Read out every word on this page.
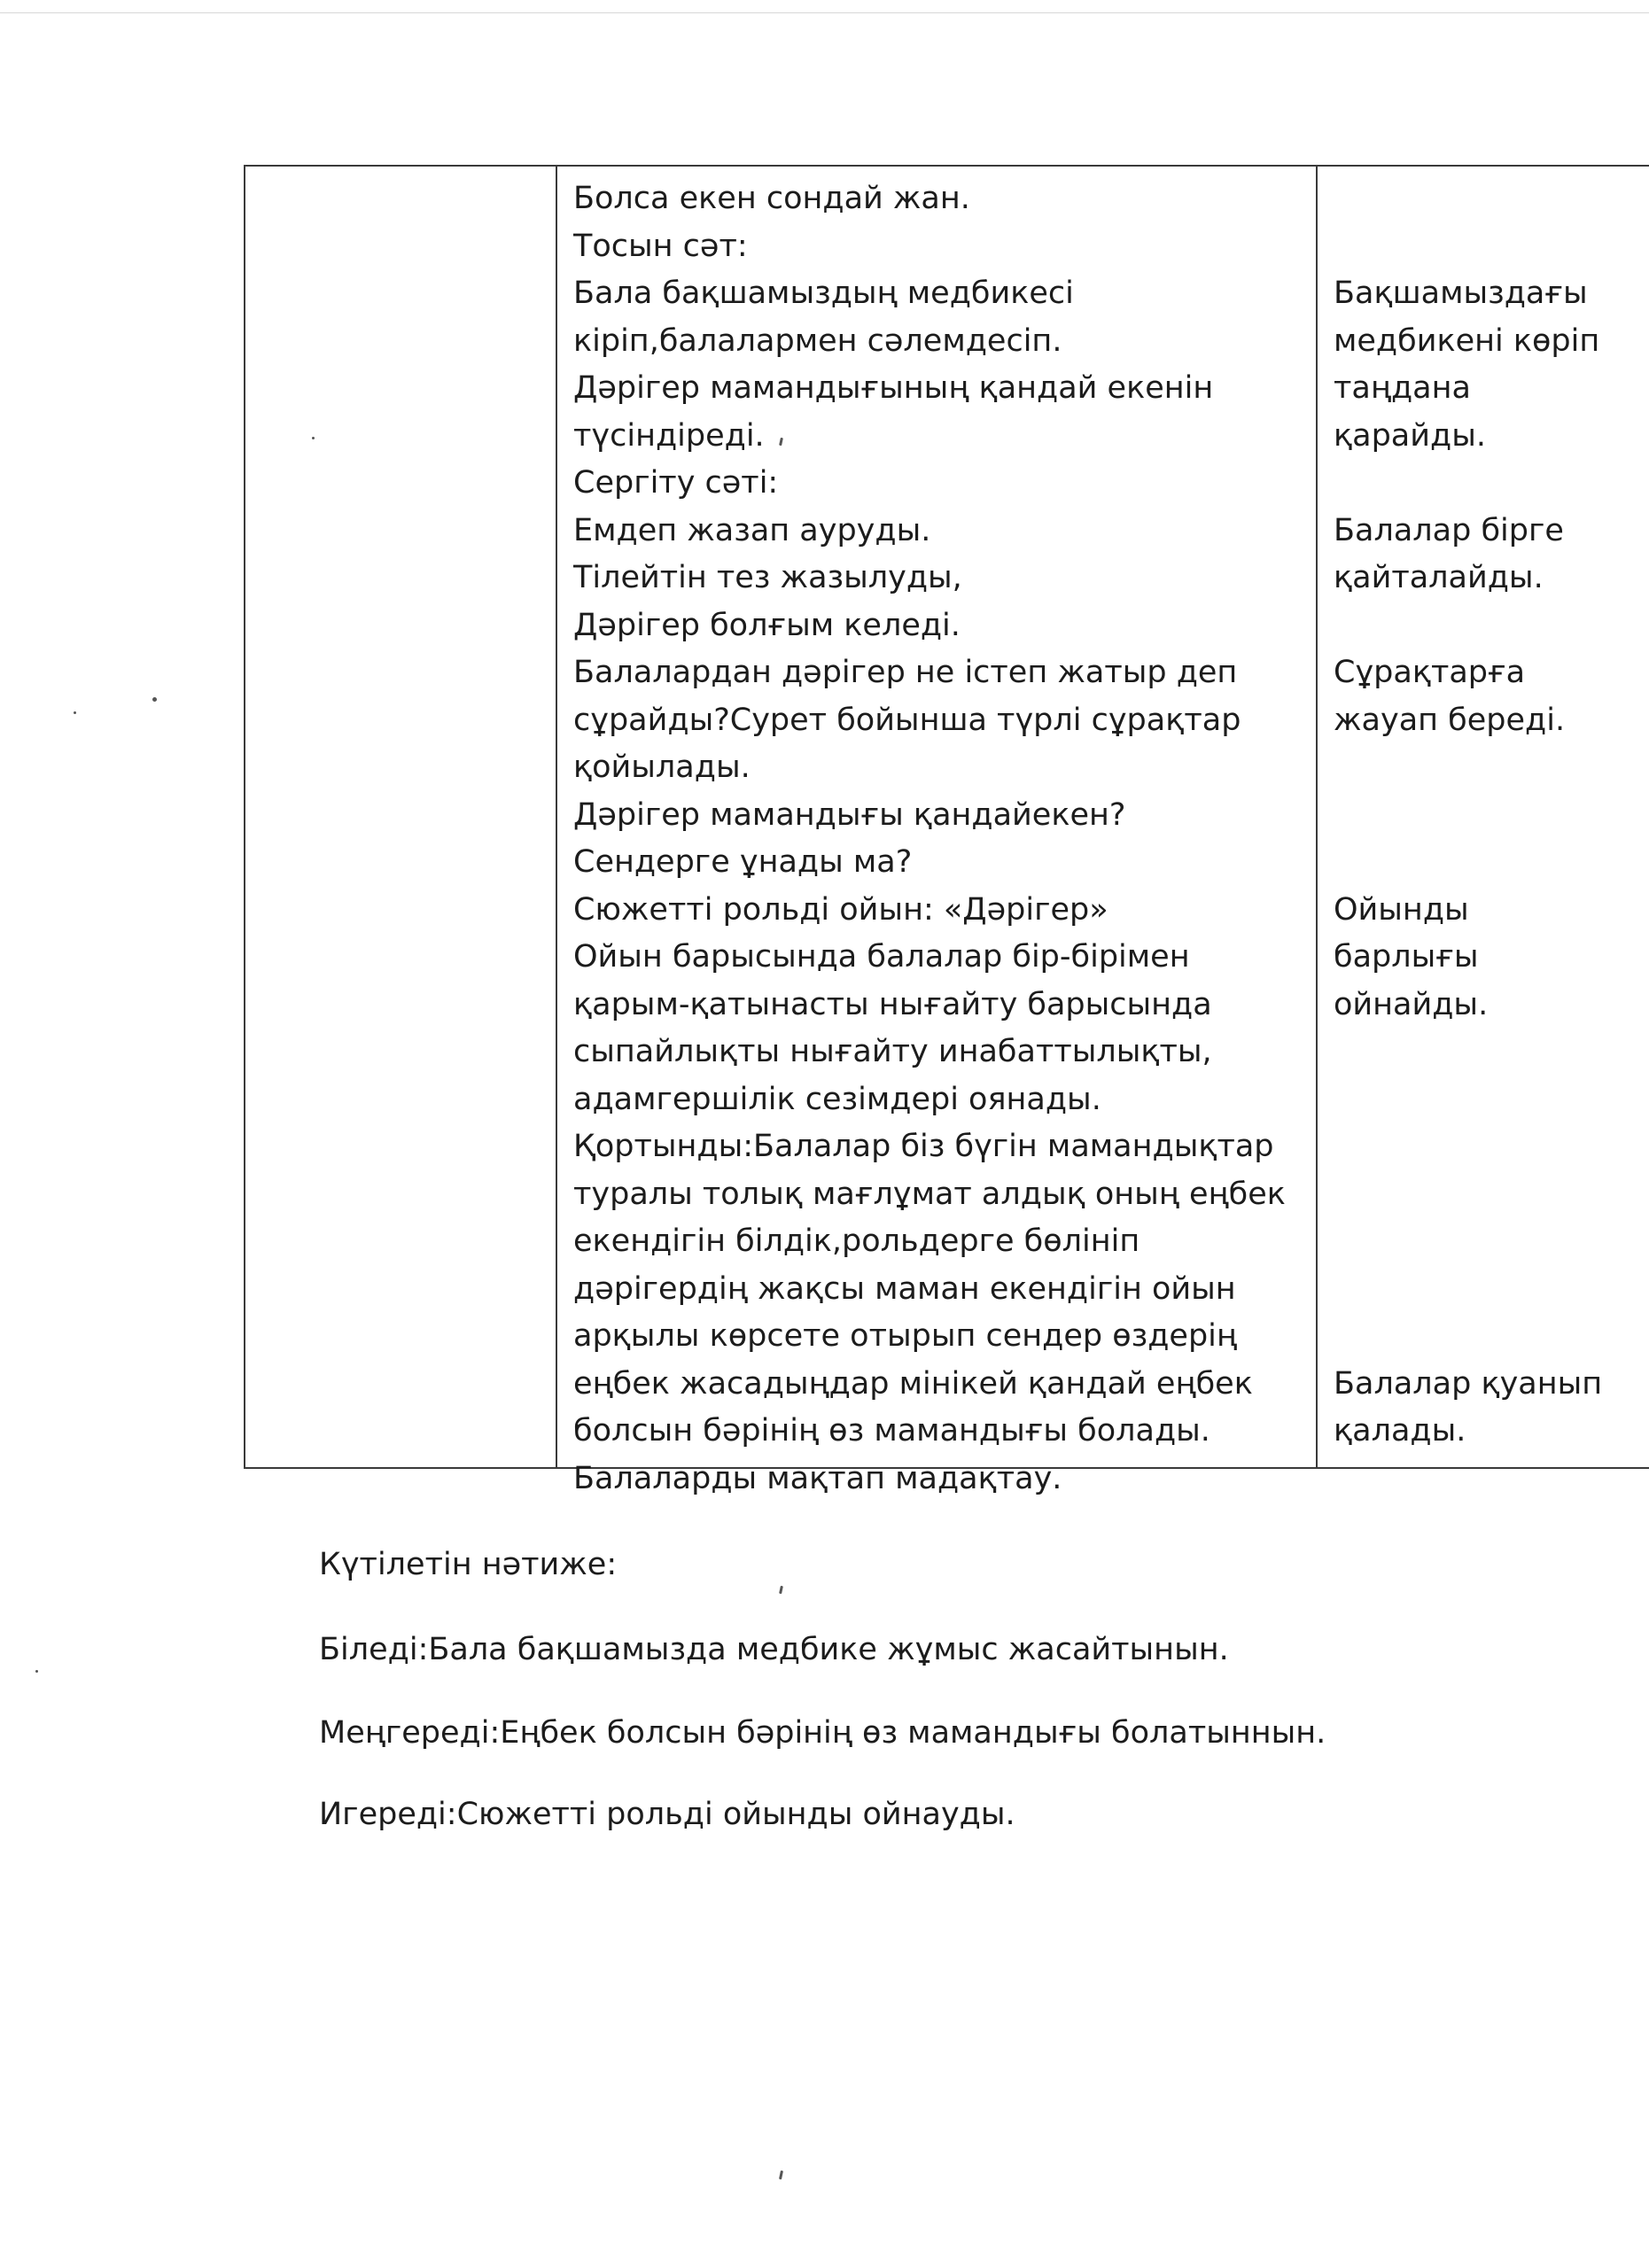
Болса екен сондай жан.
Тосын сәт:
Бала бақшамыздың медбикесі
кіріп,балалармен сәлемдесіп.
Дәрігер мамандығының қандай екенін
түсіндіреді.
Сергіту сәті:
Емдеп жазап ауруды.
Тілейтін тез жазылуды,
Дәрігер болғым келеді.
Балалардан дәрігер не істеп жатыр деп
сұрайды?Сурет бойынша түрлі сұрақтар
қойылады.
Дәрігер мамандығы қандайекен?
Сендерге ұнады ма?
Сюжетті рольді ойын: «Дәрігер»
Ойын барысында балалар бір-бірімен
қарым-қатынасты нығайту барысында
сыпайлықты нығайту инабаттылықты,
адамгершілік сезімдері оянады.
Қортынды:Балалар біз бүгін мамандықтар
туралы толық мағлұмат алдық оның еңбек
екендігін білдік,рольдерге бөлініп
дәрігердің жақсы маман екендігін ойын
арқылы көрсете отырып сендер өздерің
еңбек жасадыңдар мінікей қандай еңбек
болсын бәрінің өз мамандығы болады.
Балаларды мақтап мадақтау.
Бақшамыздағы
медбикені көріп
таңдана
қарайды.
Балалар бірге
қайталайды.
Сұрақтарға
жауап береді.
Ойынды
барлығы
ойнайды.
Балалар қуанып
қалады.
Күтілетін нәтиже:
Біледі:Бала бақшамызда медбике жұмыс жасайтынын.
Меңгереді:Еңбек болсын бәрінің өз мамандығы болатыннын.
Игереді:Сюжетті рольді ойынды ойнауды.
